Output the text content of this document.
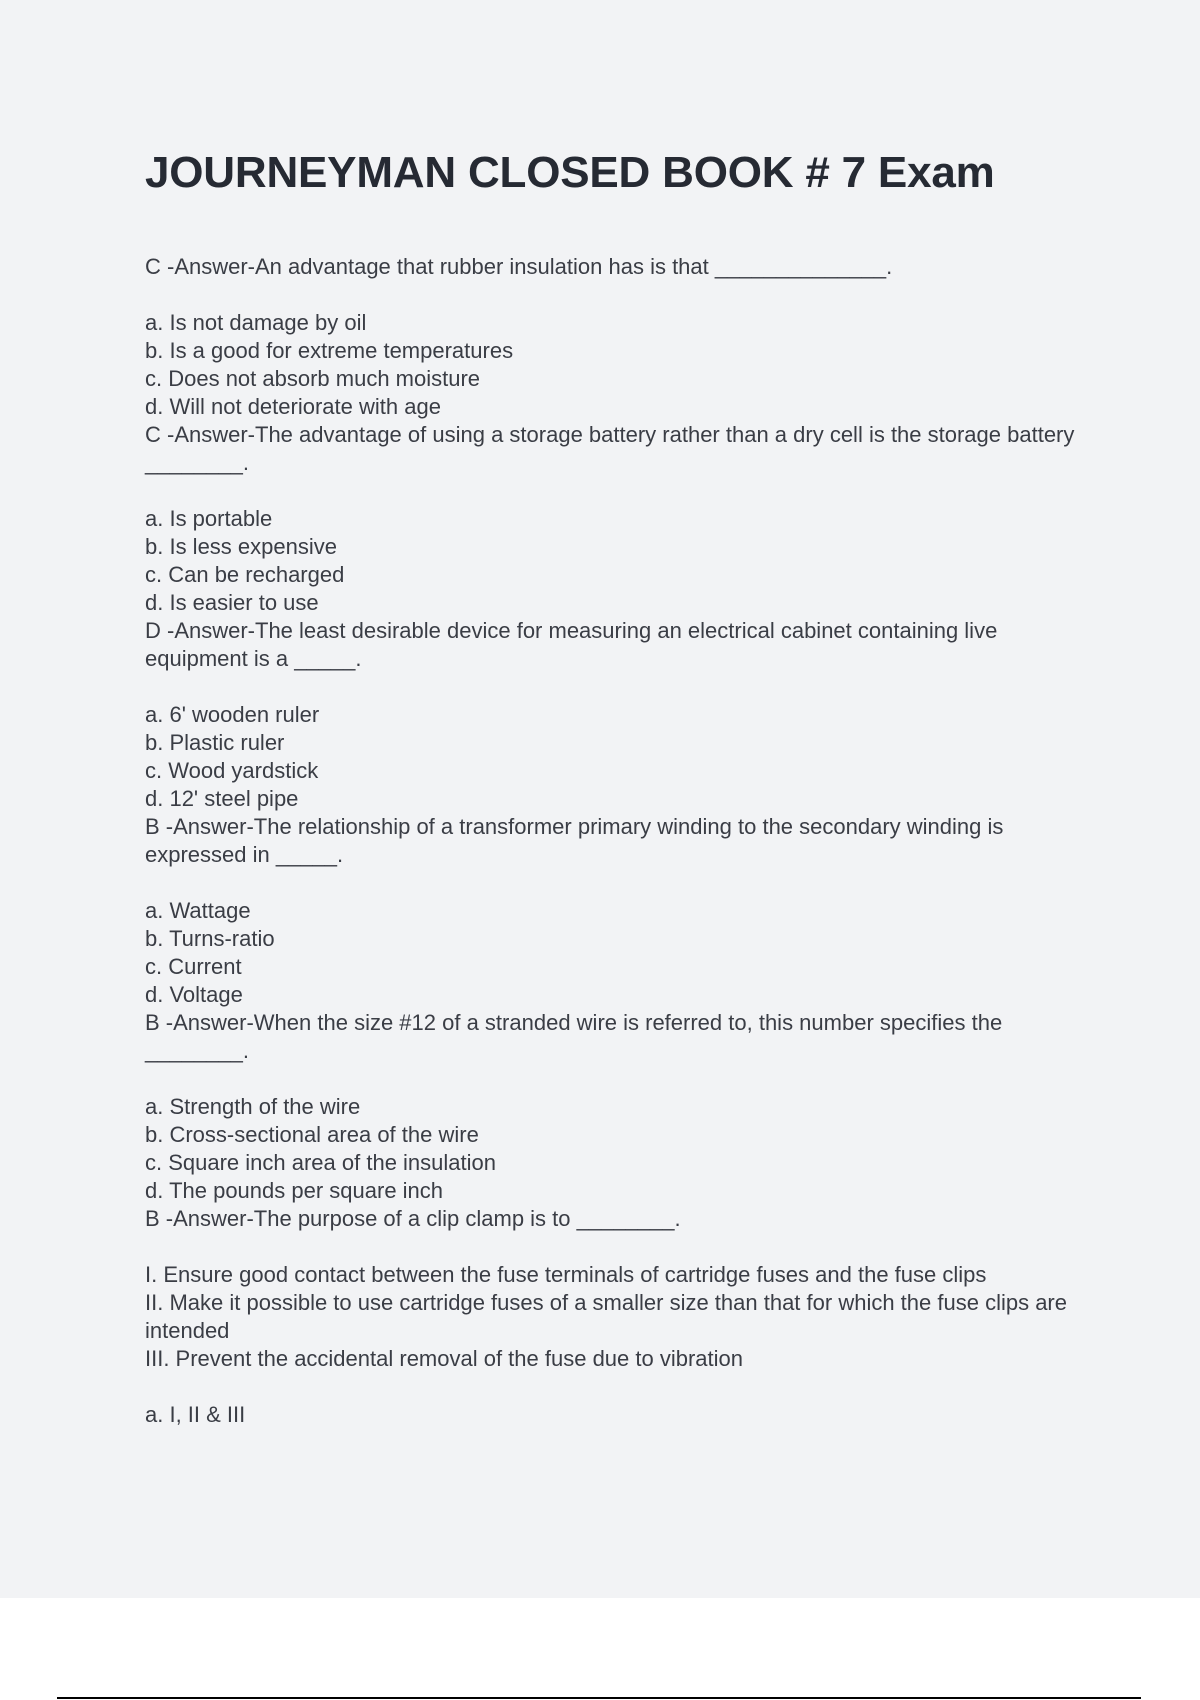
JOURNEYMAN CLOSED BOOK # 7 Exam

C -Answer-An advantage that rubber insulation has is that ______________.

a. Is not damage by oil

b. Is a good for extreme temperatures

c. Does not absorb much moisture

d. Will not deteriorate with age

C -Answer-The advantage of using a storage battery rather than a dry cell is the storage battery ________.

a. Is portable

b. Is less expensive

c. Can be recharged

d. Is easier to use

D -Answer-The least desirable device for measuring an electrical cabinet containing live equipment is a _____.

a. 6' wooden ruler

b. Plastic ruler

c. Wood yardstick

d. 12' steel pipe

B -Answer-The relationship of a transformer primary winding to the secondary winding is expressed in _____.

a. Wattage

b. Turns-ratio

c. Current

d. Voltage

B -Answer-When the size #12 of a stranded wire is referred to, this number specifies the ________.

a. Strength of the wire

b. Cross-sectional area of the wire

c. Square inch area of the insulation

d. The pounds per square inch

B -Answer-The purpose of a clip clamp is to ________.

I. Ensure good contact between the fuse terminals of cartridge fuses and the fuse clips

II. Make it possible to use cartridge fuses of a smaller size than that for which the fuse clips are intended

III. Prevent the accidental removal of the fuse due to vibration

a. I, II & III
